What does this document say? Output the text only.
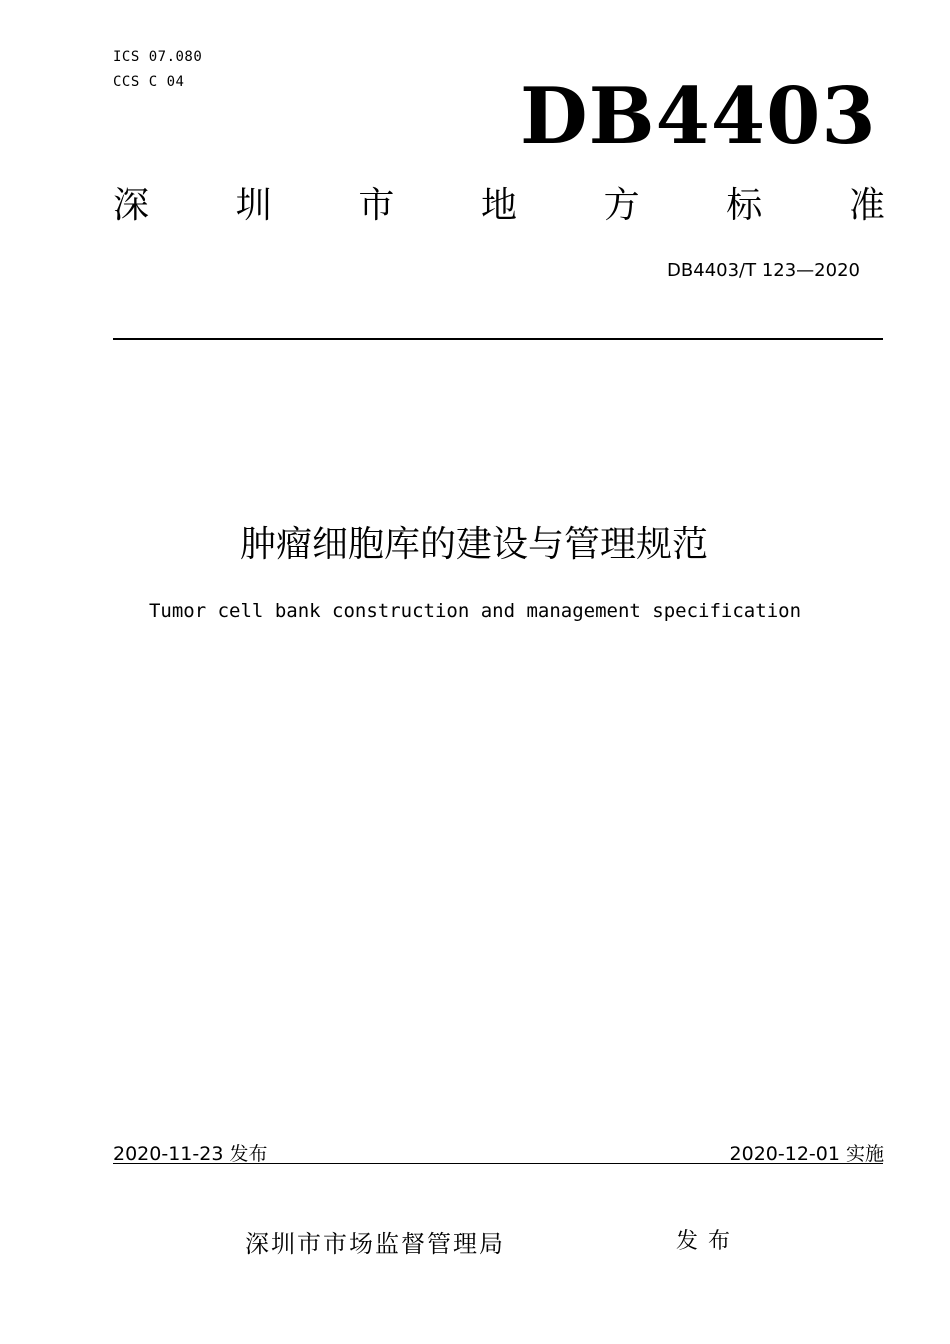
ICS 07.080
CCS C 04	DB4403
深 圳 市 地 方 标 准
DB4403/T 123—2020
肿瘤细胞库的建设与管理规范
Tumor cell bank construction and management specification
2020-11-23 发布	2020-12-01 实施
深圳市市场监督管理局	发布
